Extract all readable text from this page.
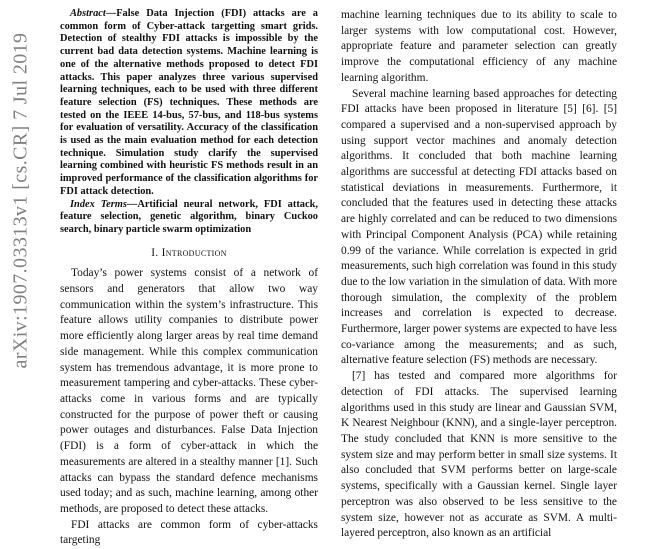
arXiv:1907.03313v1 [cs.CR] 7 Jul 2019

Abstract—False Data Injection (FDI) attacks are a common form of Cyber-attack targetting smart grids. Detection of stealthy FDI attacks is impossible by the current bad data detection systems. Machine learning is one of the alternative methods proposed to detect FDI attacks. This paper analyzes three various supervised learning techniques, each to be used with three different feature selection (FS) techniques. These methods are tested on the IEEE 14-bus, 57-bus, and 118-bus systems for evaluation of versatility. Accuracy of the classification is used as the main evaluation method for each detection technique. Simulation study clarify the supervised learning combined with heuristic FS methods result in an improved performance of the classification algorithms for FDI attack detection.

Index Terms—Artificial neural network, FDI attack, feature selection, genetic algorithm, binary Cuckoo search, binary particle swarm optimization

I. Introduction

Today’s power systems consist of a network of sensors and generators that allow two way communication within the system’s infrastructure. This feature allows utility companies to distribute power more efficiently along larger areas by real time demand side management. While this complex communication system has tremendous advantage, it is more prone to measurement tampering and cyber-attacks. These cyber-attacks come in various forms and are typically constructed for the purpose of power theft or causing power outages and disturbances. False Data Injection (FDI) is a form of cyber-attack in which the measurements are altered in a stealthy manner [1]. Such attacks can bypass the standard defence mechanisms used today; and as such, machine learning, among other methods, are proposed to detect these attacks.

FDI attacks are common form of cyber-attacks targeting

machine learning techniques due to its ability to scale to larger systems with low computational cost. However, appropriate feature and parameter selection can greatly improve the computational efficiency of any machine learning algorithm.

Several machine learning based approaches for detecting FDI attacks have been proposed in literature [5] [6]. [5] compared a supervised and a non-supervised approach by using support vector machines and anomaly detection algorithms. It concluded that both machine learning algorithms are successful at detecting FDI attacks based on statistical deviations in measurements. Furthermore, it concluded that the features used in detecting these attacks are highly correlated and can be reduced to two dimensions with Principal Component Analysis (PCA) while retaining 0.99 of the variance. While correlation is expected in grid measurements, such high correlation was found in this study due to the low variation in the simulation of data. With more thorough simulation, the complexity of the problem increases and correlation is expected to decrease. Furthermore, larger power systems are expected to have less co-variance among the measurements; and as such, alternative feature selection (FS) methods are necessary.

[7] has tested and compared more algorithms for detection of FDI attacks. The supervised learning algorithms used in this study are linear and Gaussian SVM, K Nearest Neighbour (KNN), and a single-layer perceptron. The study concluded that KNN is more sensitive to the system size and may perform better in small size systems. It also concluded that SVM performs better on large-scale systems, specifically with a Gaussian kernel. Single layer perceptron was also observed to be less sensitive to the system size, however not as accurate as SVM. A multi-layered perceptron, also known as an artificial
